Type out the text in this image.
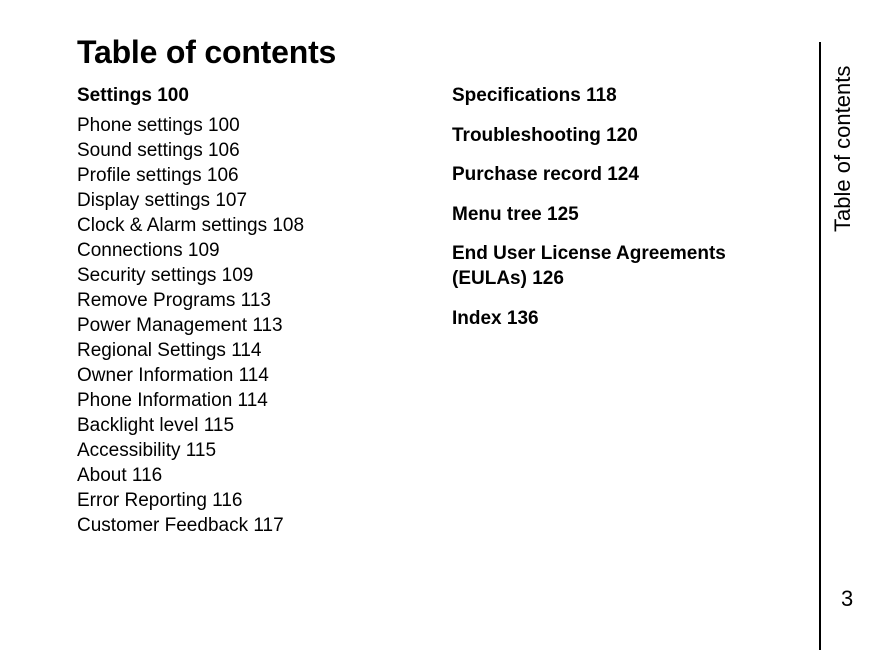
Table of contents
Settings 100
Phone settings 100
Sound settings 106
Profile settings 106
Display settings 107
Clock & Alarm settings 108
Connections 109
Security settings 109
Remove Programs 113
Power Management 113
Regional Settings 114
Owner Information 114
Phone Information 114
Backlight level 115
Accessibility 115
About 116
Error Reporting 116
Customer Feedback 117
Specifications 118
Troubleshooting 120
Purchase record 124
Menu tree 125
End User License Agreements (EULAs) 126
Index 136
Table of contents
3
